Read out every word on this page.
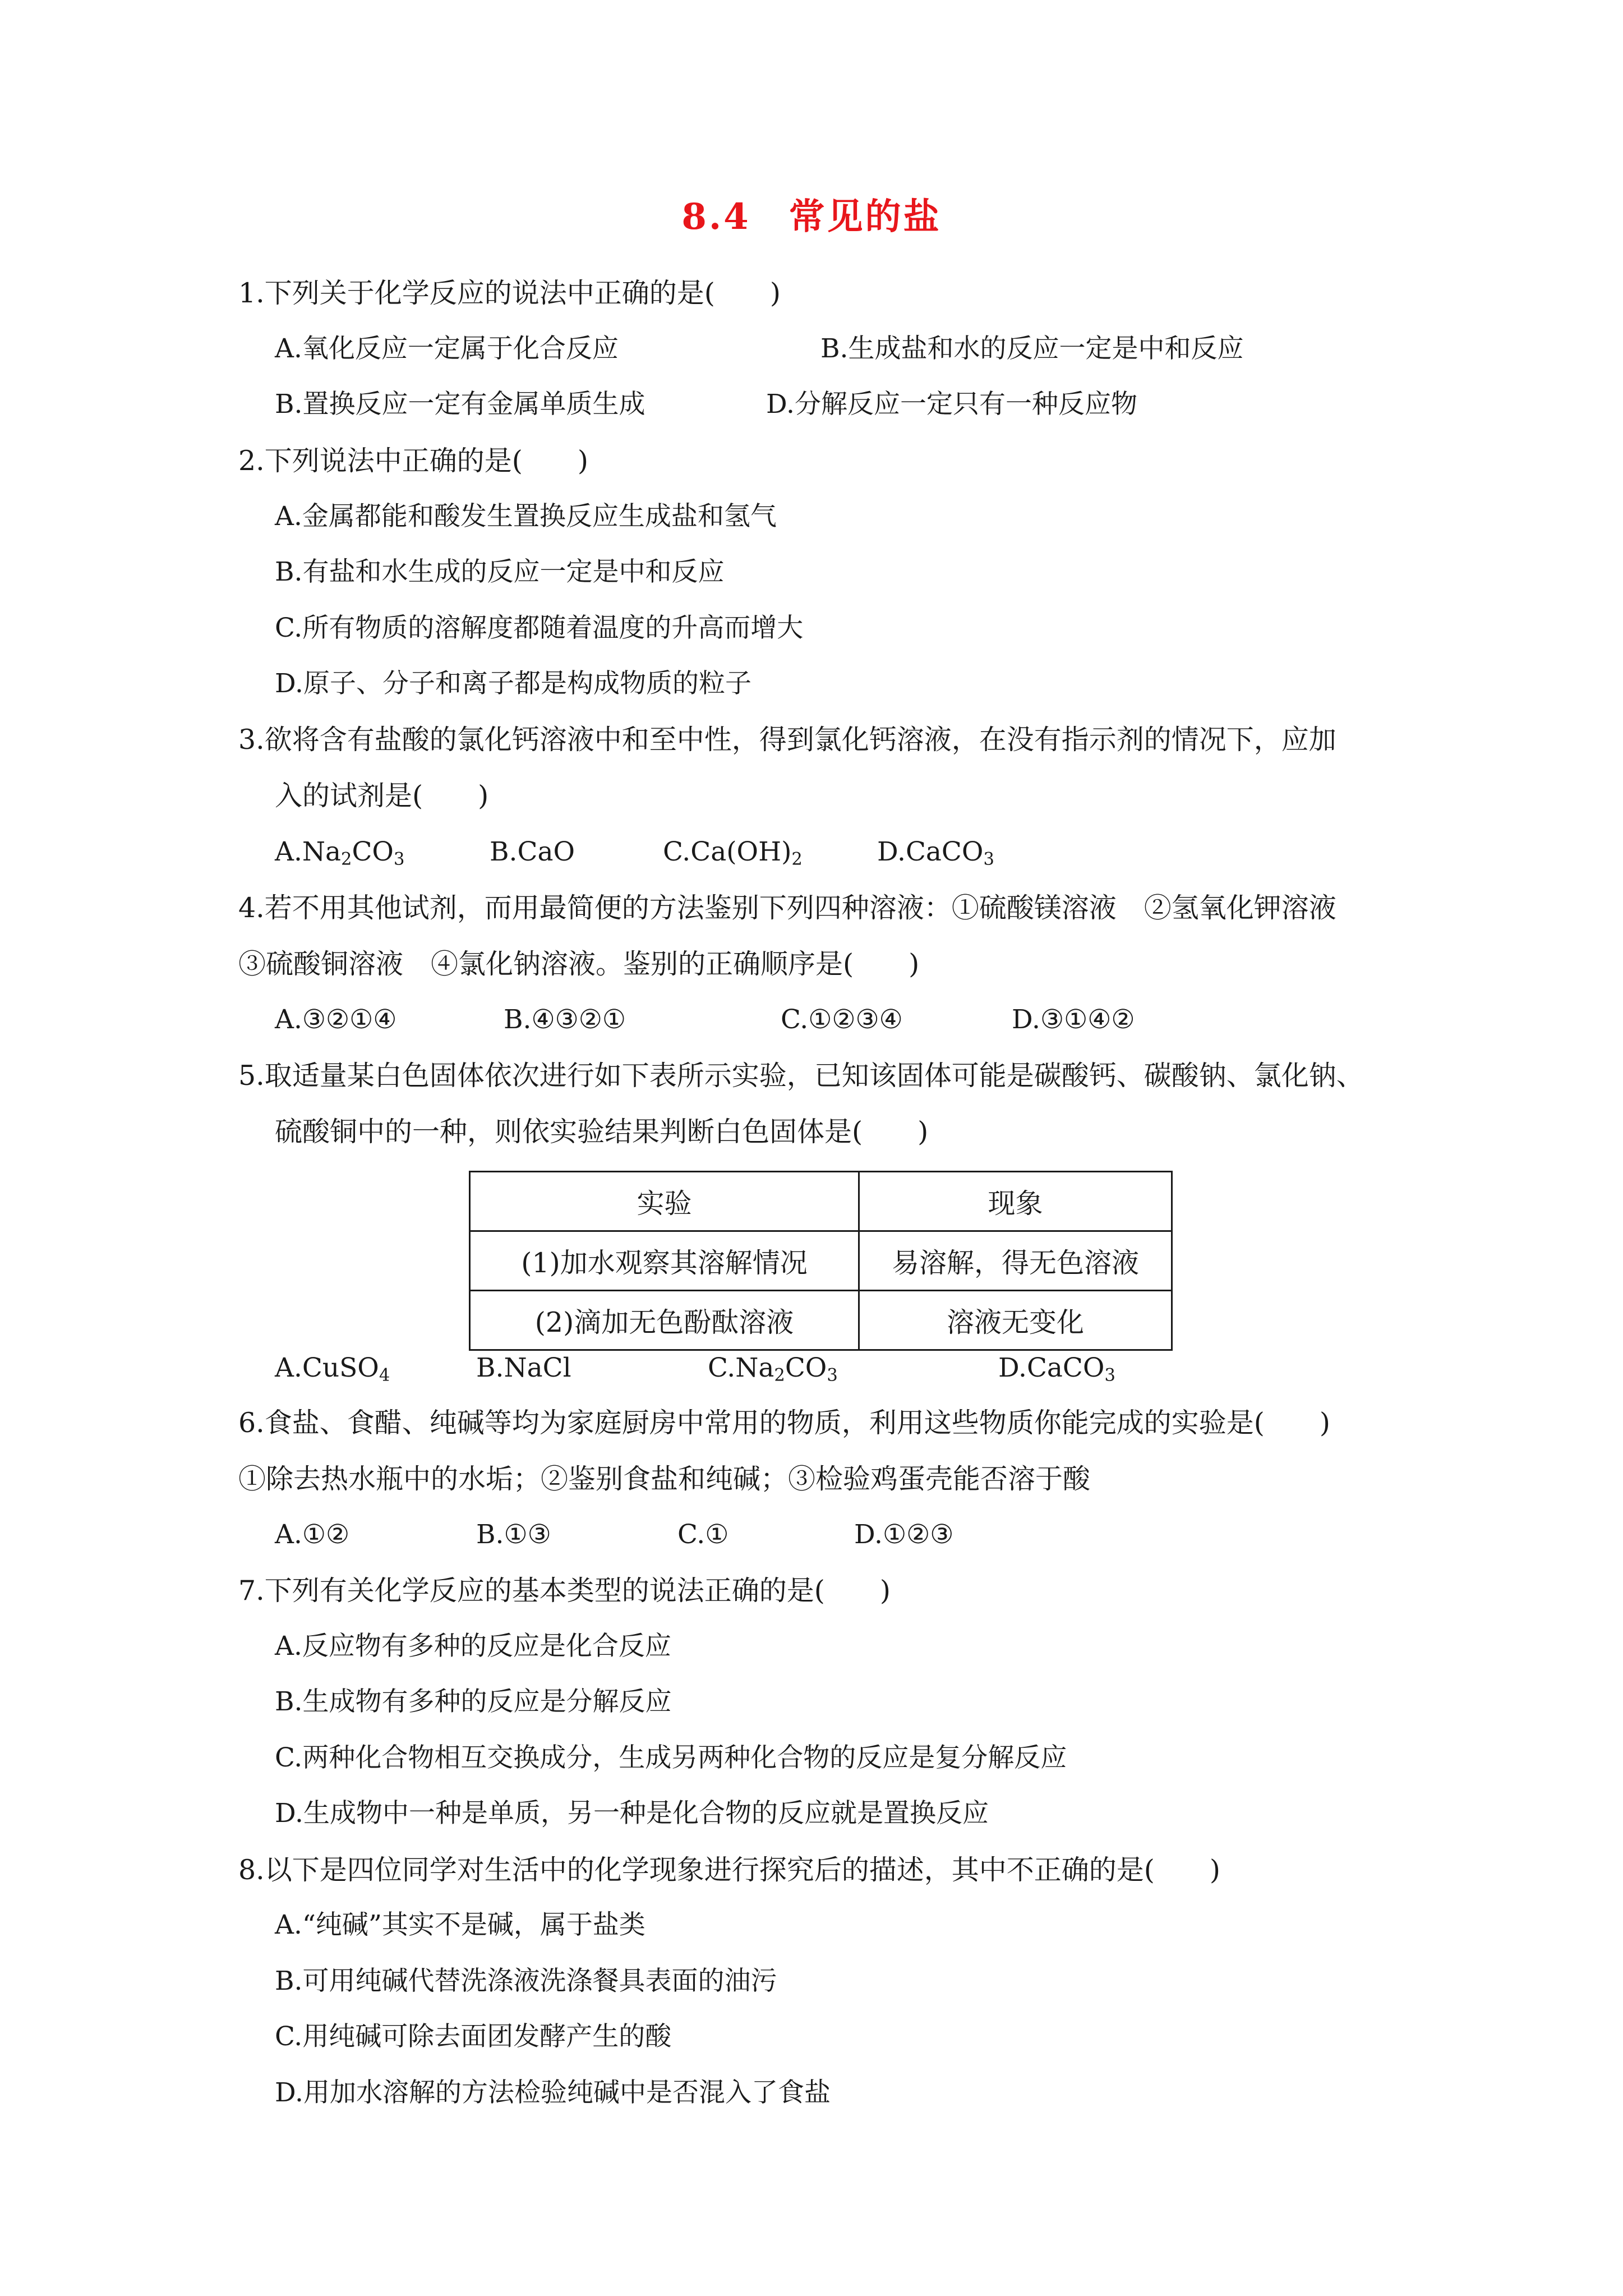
8.4　常见的盐
1.下列关于化学反应的说法中正确的是(　　)
A.氧化反应一定属于化合反应	B.生成盐和水的反应一定是中和反应
B.置换反应一定有金属单质生成	D.分解反应一定只有一种反应物
2.下列说法中正确的是(　　)
A.金属都能和酸发生置换反应生成盐和氢气
B.有盐和水生成的反应一定是中和反应
C.所有物质的溶解度都随着温度的升高而增大
D.原子、分子和离子都是构成物质的粒子
3.欲将含有盐酸的氯化钙溶液中和至中性，得到氯化钙溶液，在没有指示剂的情况下，应加
入的试剂是(　　)
$A.Na_2CO_3$	B.CaO	$C.Ca(OH)_2$	D.CaCO$_3$
4.若不用其他试剂，而用最简便的方法鉴别下列四种溶液：①硫酸镁溶液　②氢氧化钾溶液
③硫酸铜溶液　④氯化钠溶液。鉴别的正确顺序是(　　)
A.③②①④	B.④③②①	C.①②③④	D.③①④②
5.取适量某白色固体依次进行如下表所示实验，已知该固体可能是碳酸钙、碳酸钠、氯化钠、
硫酸铜中的一种，则依实验结果判断白色固体是(　　)
实验	现象
(1)加水观察其溶解情况	易溶解，得无色溶液
(2)滴加无色酚酞溶液	溶液无变化
A.CuSO$_4$	B.NaCl	$C.Na_2CO_3$	D.CaCO$_3$
6.食盐、食醋、纯碱等均为家庭厨房中常用的物质，利用这些物质你能完成的实验是(　　)
①除去热水瓶中的水垢；②鉴别食盐和纯碱；③检验鸡蛋壳能否溶于酸
A.①②	B.①③	C.①	D.①②③
7.下列有关化学反应的基本类型的说法正确的是(　　)
A.反应物有多种的反应是化合反应
B.生成物有多种的反应是分解反应
C.两种化合物相互交换成分，生成另两种化合物的反应是复分解反应
D.生成物中一种是单质，另一种是化合物的反应就是置换反应
8.以下是四位同学对生活中的化学现象进行探究后的描述，其中不正确的是(　　)
A.“纯碱”其实不是碱，属于盐类
B.可用纯碱代替洗涤液洗涤餐具表面的油污
C.用纯碱可除去面团发酵产生的酸
D.用加水溶解的方法检验纯碱中是否混入了食盐
